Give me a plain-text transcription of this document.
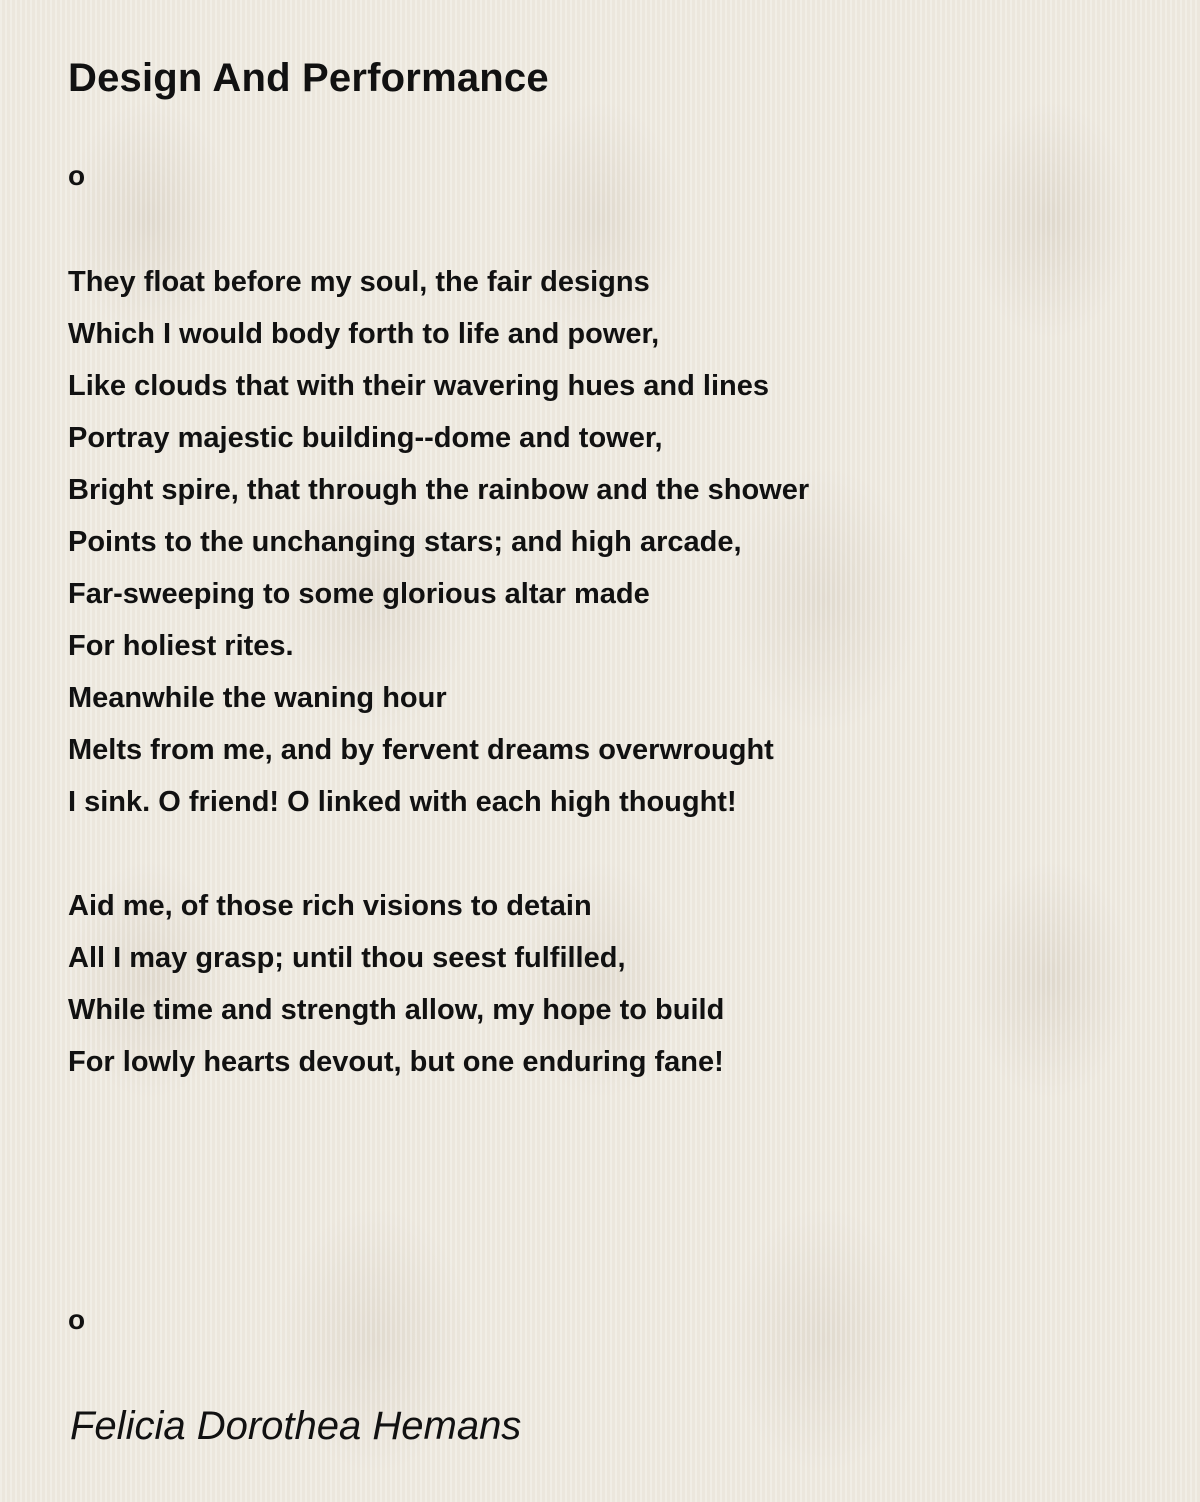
Design And Performance

o

They float before my soul, the fair designs
Which I would body forth to life and power,
Like clouds that with their wavering hues and lines
Portray majestic building--dome and tower,
Bright spire, that through the rainbow and the shower
Points to the unchanging stars; and high arcade,
Far-sweeping to some glorious altar made
For holiest rites.
Meanwhile the waning hour
Melts from me, and by fervent dreams overwrought
I sink. O friend! O linked with each high thought!
Aid me, of those rich visions to detain
All I may grasp; until thou seest fulfilled,
While time and strength allow, my hope to build
For lowly hearts devout, but one enduring fane!

o

Felicia Dorothea Hemans
